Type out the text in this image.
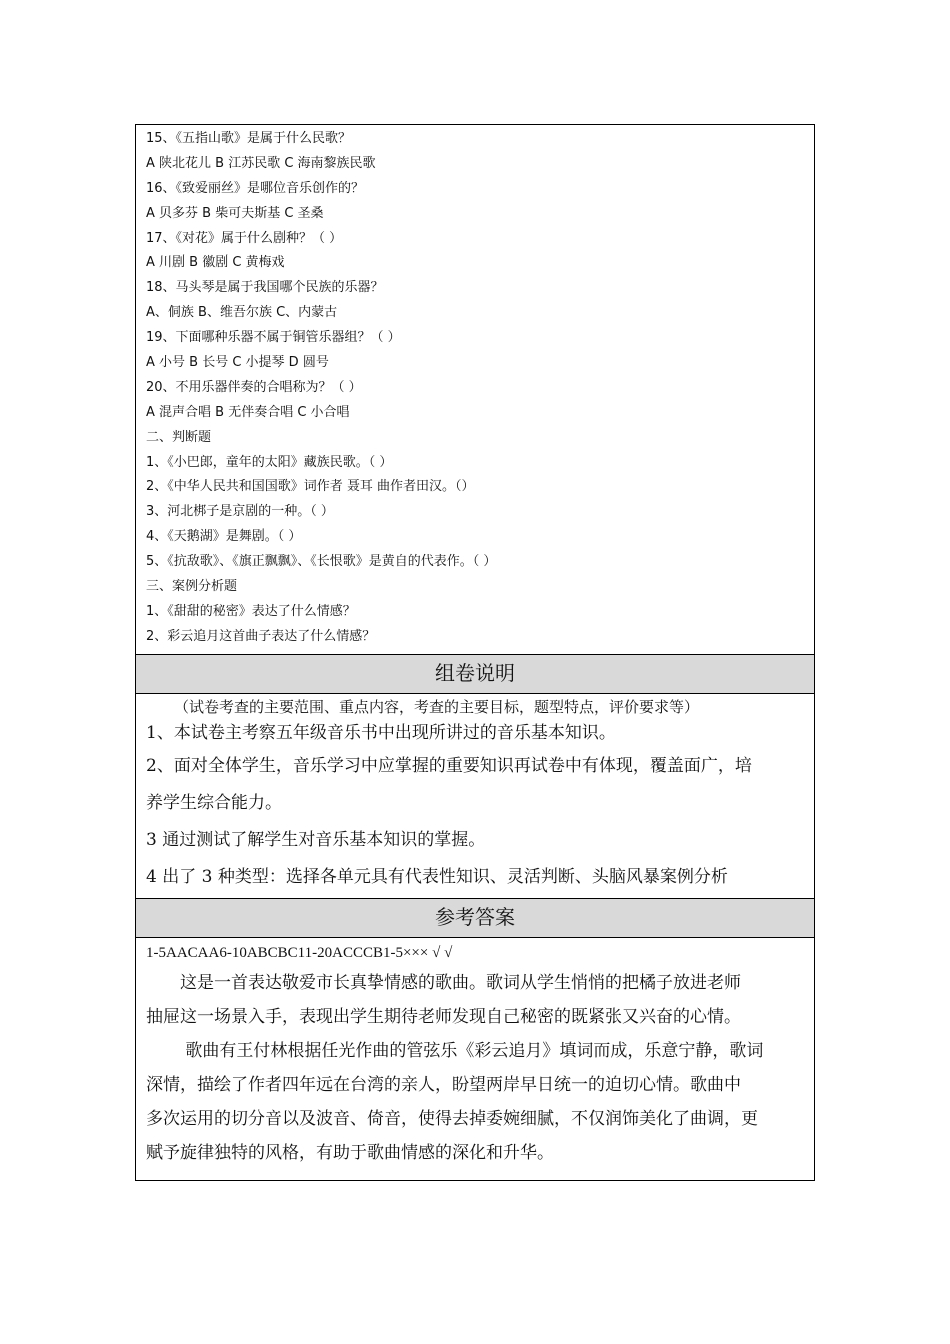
15、《五指山歌》是属于什么民歌？
A 陕北花儿 B 江苏民歌 C 海南黎族民歌
16、《致爱丽丝》是哪位音乐创作的？
A 贝多芬 B 柴可夫斯基 C 圣桑
17、《对花》属于什么剧种？（ ）
A 川剧 B 徽剧 C 黄梅戏
18、马头琴是属于我国哪个民族的乐器？
A、侗族 B、维吾尔族 C、内蒙古
19、下面哪种乐器不属于铜管乐器组？（ ）
A 小号 B 长号 C 小提琴 D 圆号
20、不用乐器伴奏的合唱称为？（ ）
A 混声合唱 B 无伴奏合唱 C 小合唱
二、判断题
1、《小巴郎，童年的太阳》藏族民歌。（ ）
2、《中华人民共和国国歌》词作者 聂耳 曲作者田汉。（）
3、河北梆子是京剧的一种。（ ）
4、《天鹅湖》是舞剧。（ ）
5、《抗敌歌》、《旗正飘飘》、《长恨歌》是黄自的代表作。（ ）
三、案例分析题
1、《甜甜的秘密》表达了什么情感？
2、彩云追月这首曲子表达了什么情感？
组卷说明
（试卷考查的主要范围、重点内容，考查的主要目标，题型特点，评价要求等）
1、本试卷主考察五年级音乐书中出现所讲过的音乐基本知识。
2、面对全体学生，音乐学习中应掌握的重要知识再试卷中有体现，覆盖面广，培
养学生综合能力。
3 通过测试了解学生对音乐基本知识的掌握。
4 出了 3 种类型：选择各单元具有代表性知识、灵活判断、头脑风暴案例分析
参考答案
1-5AACAA6-10ABCBC11-20ACCCB1-5××× √ √
　　这是一首表达敬爱市长真挚情感的歌曲。歌词从学生悄悄的把橘子放进老师
抽屉这一场景入手，表现出学生期待老师发现自己秘密的既紧张又兴奋的心情。
　　 歌曲有王付林根据任光作曲的管弦乐《彩云追月》填词而成，乐意宁静，歌词
深情，描绘了作者四年远在台湾的亲人，盼望两岸早日统一的迫切心情。歌曲中
多次运用的切分音以及波音、倚音，使得去掉委婉细腻，不仅润饰美化了曲调，更
赋予旋律独特的风格，有助于歌曲情感的深化和升华。
